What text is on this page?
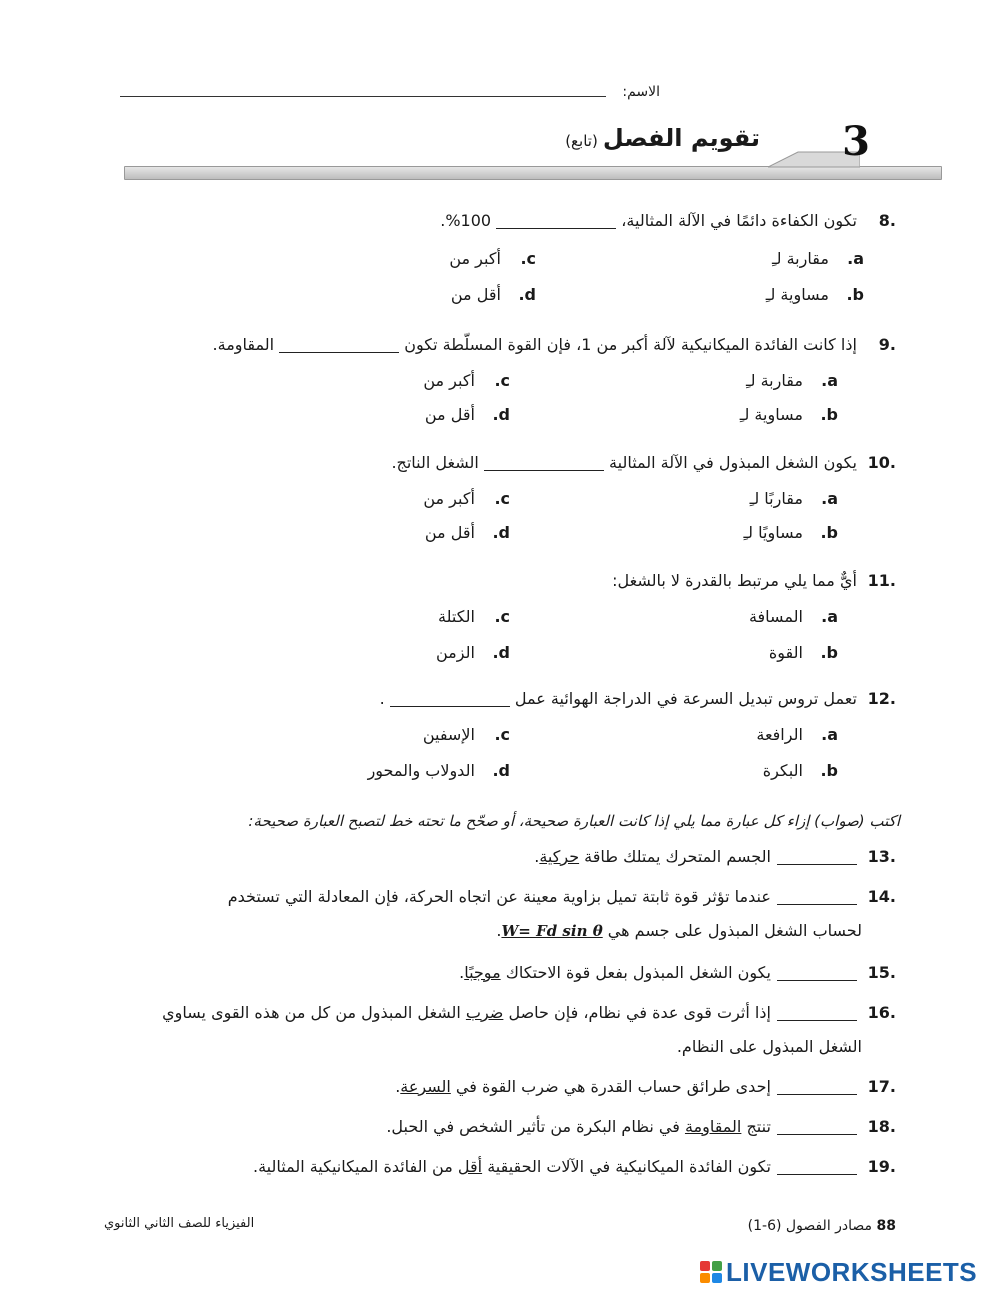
الاسم:
3
تقويم الفصل (تابع)
.8 تكون الكفاءة دائمًا في الآلة المثالية،  100%.
.a مقاربة لـِ
.c أكبر من
.b مساوية لـِ
.d أقل من
.9 إذا كانت الفائدة الميكانيكية لآلة أكبر من 1، فإن القوة المسلّطة تكون  المقاومة.
.a مقاربة لـِ
.c أكبر من
.b مساوية لـِ
.d أقل من
.10 يكون الشغل المبذول في الآلة المثالية  الشغل الناتج.
.a مقاربًا لـِ
.c أكبر من
.b مساويًا لـِ
.d أقل من
.11 أيٌّ مما يلي مرتبط بالقدرة لا بالشغل:
.a المسافة
.c الكتلة
.b القوة
.d الزمن
.12 تعمل تروس تبديل السرعة في الدراجة الهوائية عمل  .
.a الرافعة
.c الإسفين
.b البكرة
.d الدولاب والمحور
اكتب (صواب) إزاء كل عبارة مما يلي إذا كانت العبارة صحيحة، أو صحّح ما تحته خط لتصبح العبارة صحيحة:
.13 الجسم المتحرك يمتلك طاقة حركية.
.14 عندما تؤثر قوة ثابتة تميل بزاوية معينة عن اتجاه الحركة، فإن المعادلة التي تستخدم
لحساب الشغل المبذول على جسم هي W= Fd sin θ.
.15 يكون الشغل المبذول بفعل قوة الاحتكاك موجبًا.
.16 إذا أثرت قوى عدة في نظام، فإن حاصل ضرب الشغل المبذول من كل من هذه القوى يساوي
الشغل المبذول على النظام.
.17 إحدى طرائق حساب القدرة هي ضرب القوة في السرعة.
.18 تنتج المقاومة في نظام البكرة من تأثير الشخص في الحبل.
.19 تكون الفائدة الميكانيكية في الآلات الحقيقية أقل من الفائدة الميكانيكية المثالية.
88 مصادر الفصول (6-1)
الفيزياء للصف الثاني الثانوي
LIVEWORKSHEETS
